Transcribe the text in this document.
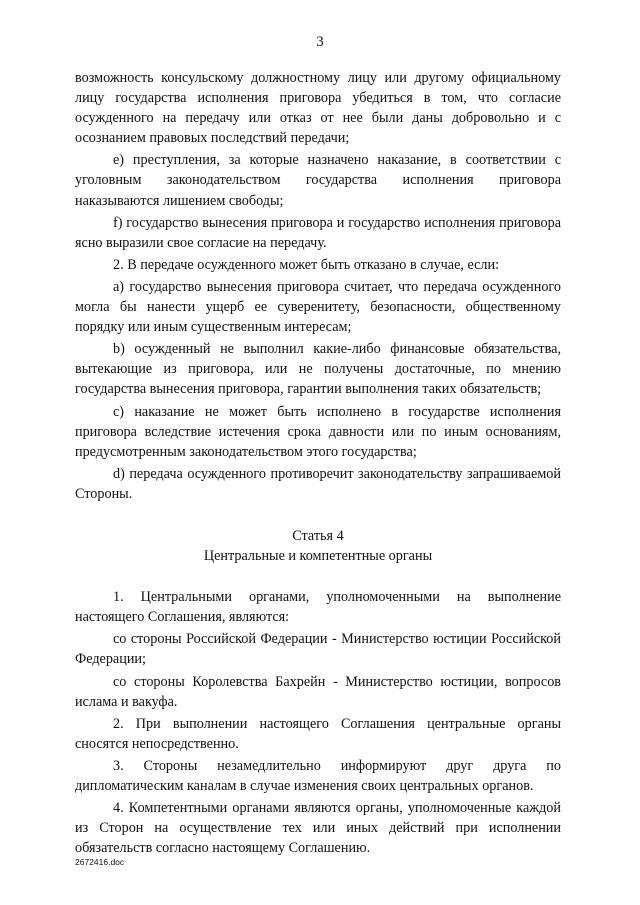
3

возможность консульскому должностному лицу или другому официальному лицу государства исполнения приговора убедиться в том, что согласие осужденного на передачу или отказ от нее были даны добровольно и с осознанием правовых последствий передачи;

e) преступления, за которые назначено наказание, в соответствии с уголовным законодательством государства исполнения приговора наказываются лишением свободы;

f) государство вынесения приговора и государство исполнения приговора ясно выразили свое согласие на передачу.

2. В передаче осужденного может быть отказано в случае, если:

a) государство вынесения приговора считает, что передача осужденного могла бы нанести ущерб ее суверенитету, безопасности, общественному порядку или иным существенным интересам;

b) осужденный не выполнил какие-либо финансовые обязательства, вытекающие из приговора, или не получены достаточные, по мнению государства вынесения приговора, гарантии выполнения таких обязательств;

c) наказание не может быть исполнено в государстве исполнения приговора вследствие истечения срока давности или по иным основаниям, предусмотренным законодательством этого государства;

d) передача осужденного противоречит законодательству запрашиваемой Стороны.

Статья 4

Центральные и компетентные органы

1. Центральными органами, уполномоченными на выполнение настоящего Соглашения, являются:

со стороны Российской Федерации - Министерство юстиции Российской Федерации;

со стороны Королевства Бахрейн - Министерство юстиции, вопросов ислама и вакуфа.

2. При выполнении настоящего Соглашения центральные органы сносятся непосредственно.

3. Стороны незамедлительно информируют друг друга по дипломатическим каналам в случае изменения своих центральных органов.

4. Компетентными органами являются органы, уполномоченные каждой из Сторон на осуществление тех или иных действий при исполнении обязательств согласно настоящему Соглашению.

2672416.doc
